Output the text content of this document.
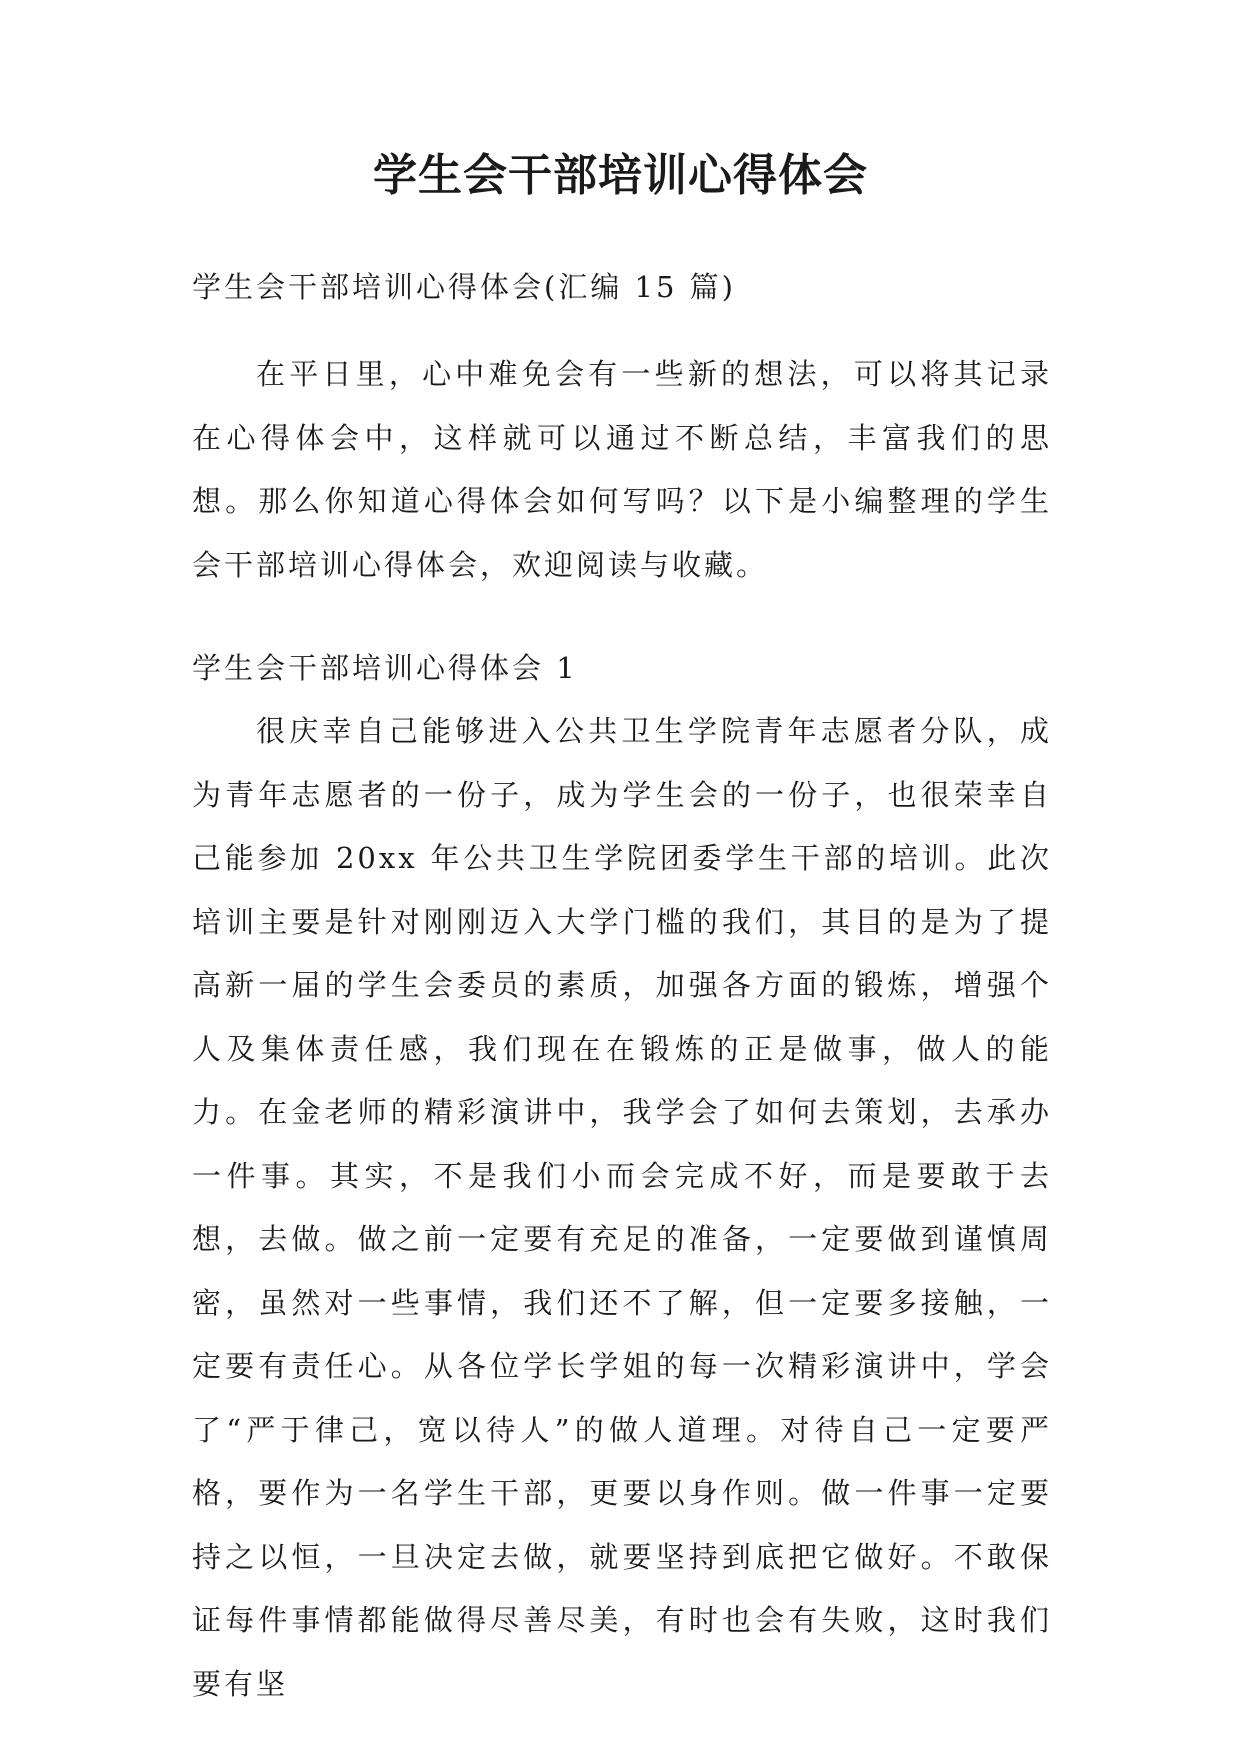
学生会干部培训心得体会

学生会干部培训心得体会(汇编 15 篇)

在平日里，心中难免会有一些新的想法，可以将其记录在心得体会中，这样就可以通过不断总结，丰富我们的思想。那么你知道心得体会如何写吗？以下是小编整理的学生会干部培训心得体会，欢迎阅读与收藏。

学生会干部培训心得体会 1

很庆幸自己能够进入公共卫生学院青年志愿者分队，成为青年志愿者的一份子，成为学生会的一份子，也很荣幸自己能参加 20xx 年公共卫生学院团委学生干部的培训。此次培训主要是针对刚刚迈入大学门槛的我们，其目的是为了提高新一届的学生会委员的素质，加强各方面的锻炼，增强个人及集体责任感，我们现在在锻炼的正是做事，做人的能力。在金老师的精彩演讲中，我学会了如何去策划，去承办一件事。其实，不是我们小而会完成不好，而是要敢于去想，去做。做之前一定要有充足的准备，一定要做到谨慎周密，虽然对一些事情，我们还不了解，但一定要多接触，一定要有责任心。从各位学长学姐的每一次精彩演讲中，学会了“严于律己，宽以待人”的做人道理。对待自己一定要严格，要作为一名学生干部，更要以身作则。做一件事一定要持之以恒，一旦决定去做，就要坚持到底把它做好。不敢保证每件事情都能做得尽善尽美，有时也会有失败，这时我们要有坚
